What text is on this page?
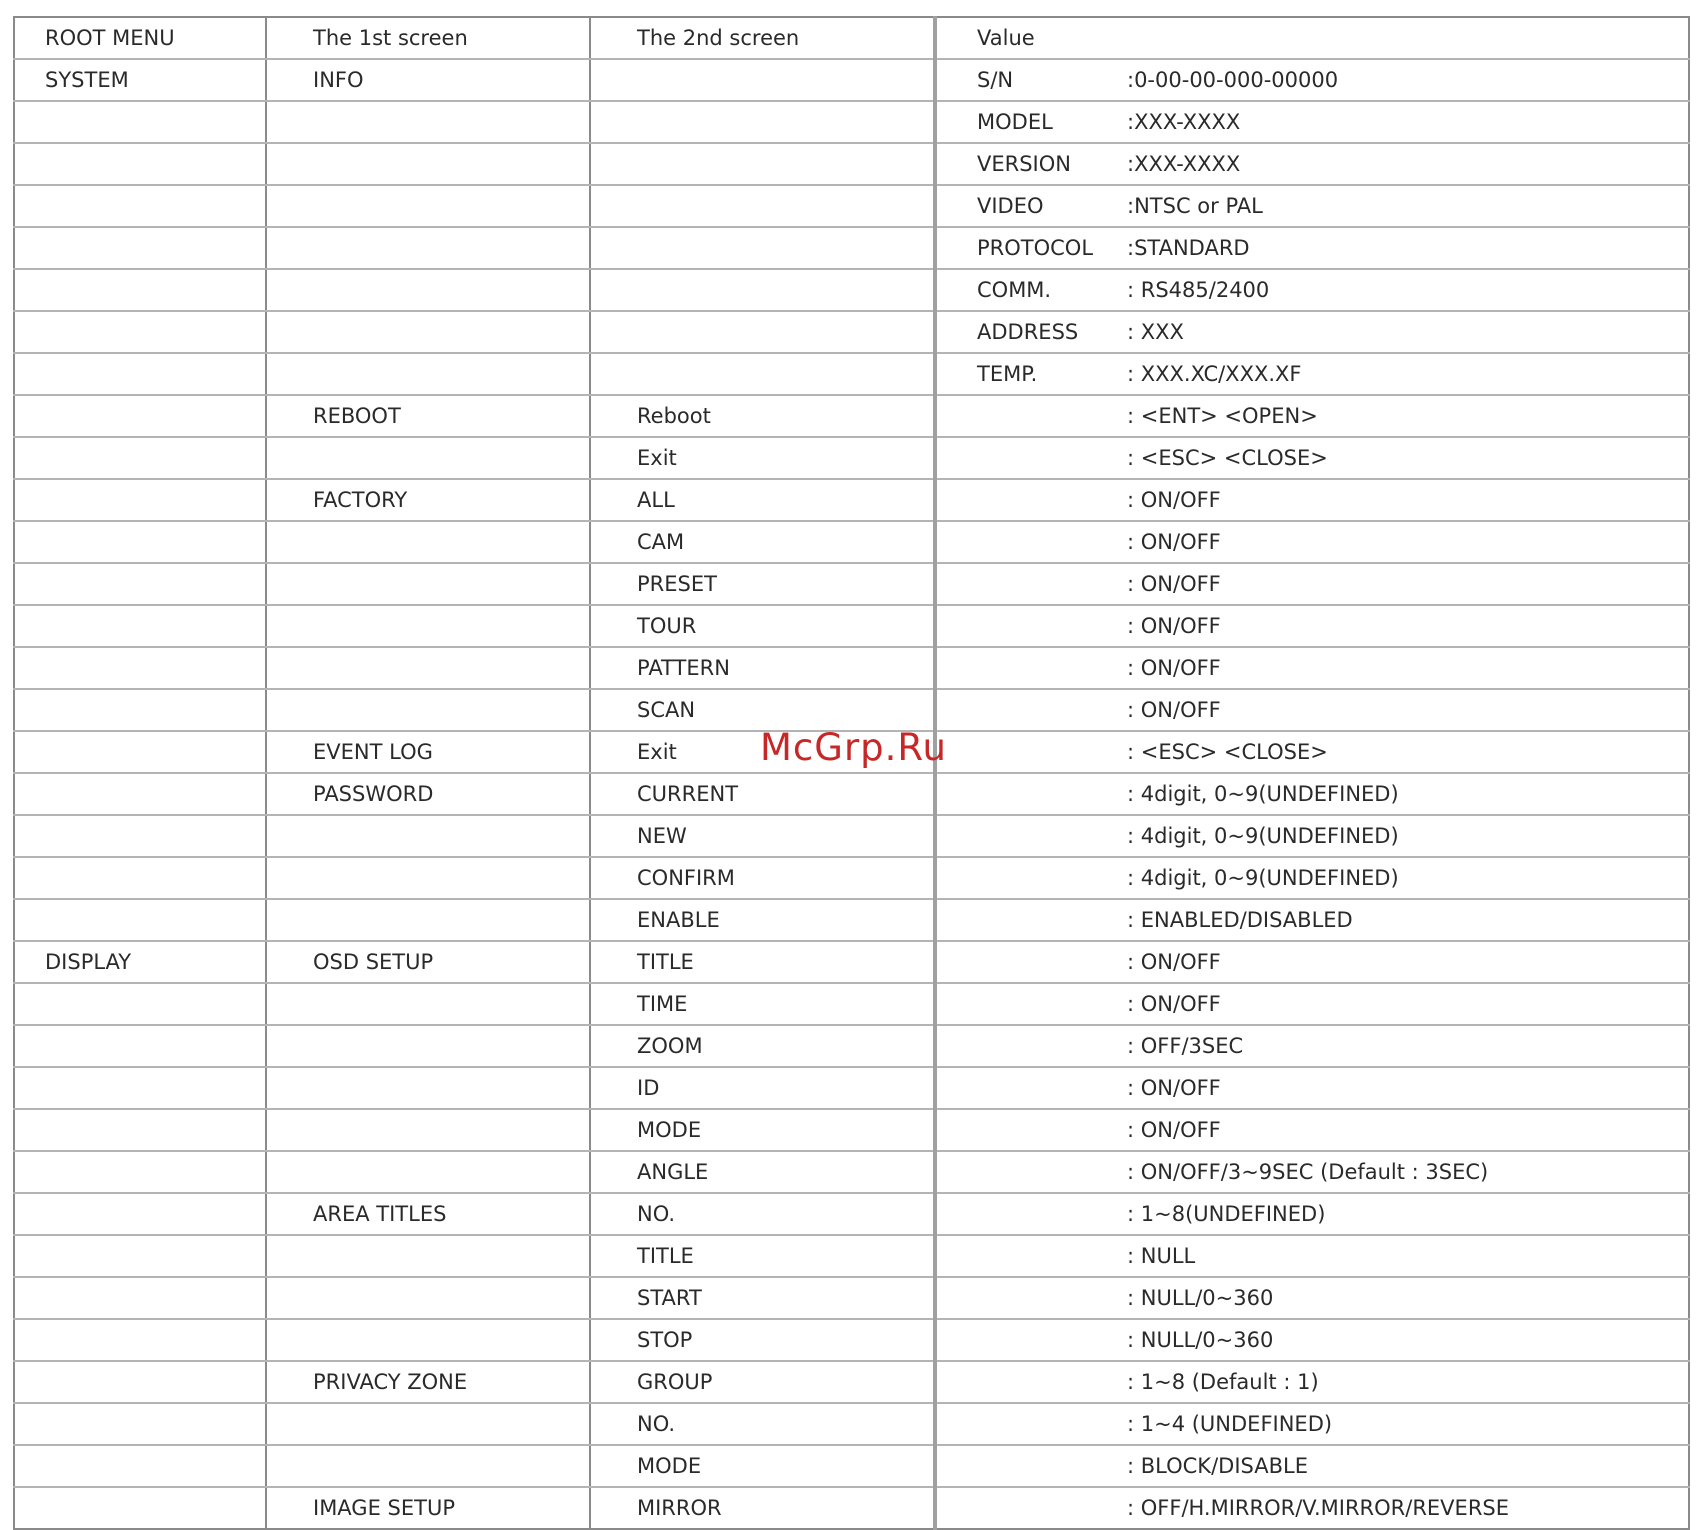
ROOT MENU	The 1st screen	The 2nd screen	Value
SYSTEM	INFO		S/N :0-00-00-000-00000
			MODEL :XXX-XXXX
			VERSION :XXX-XXXX
			VIDEO :NTSC or PAL
			PROTOCOL :STANDARD
			COMM. : RS485/2400
			ADDRESS : XXX
			TEMP. : XXX.XC/XXX.XF
	REBOOT	Reboot	: <ENT> <OPEN>
		Exit	: <ESC> <CLOSE>
	FACTORY	ALL	: ON/OFF
		CAM	: ON/OFF
		PRESET	: ON/OFF
		TOUR	: ON/OFF
		PATTERN	: ON/OFF
		SCAN	: ON/OFF
	EVENT LOG	Exit	: <ESC> <CLOSE>
	PASSWORD	CURRENT	: 4digit, 0~9(UNDEFINED)
		NEW	: 4digit, 0~9(UNDEFINED)
		CONFIRM	: 4digit, 0~9(UNDEFINED)
		ENABLE	: ENABLED/DISABLED
DISPLAY	OSD SETUP	TITLE	: ON/OFF
		TIME	: ON/OFF
		ZOOM	: OFF/3SEC
		ID	: ON/OFF
		MODE	: ON/OFF
		ANGLE	: ON/OFF/3~9SEC (Default : 3SEC)
	AREA TITLES	NO.	: 1~8(UNDEFINED)
		TITLE	: NULL
		START	: NULL/0~360
		STOP	: NULL/0~360
	PRIVACY ZONE	GROUP	: 1~8 (Default : 1)
		NO.	: 1~4 (UNDEFINED)
		MODE	: BLOCK/DISABLE
	IMAGE SETUP	MIRROR	: OFF/H.MIRROR/V.MIRROR/REVERSE
McGrp.Ru
